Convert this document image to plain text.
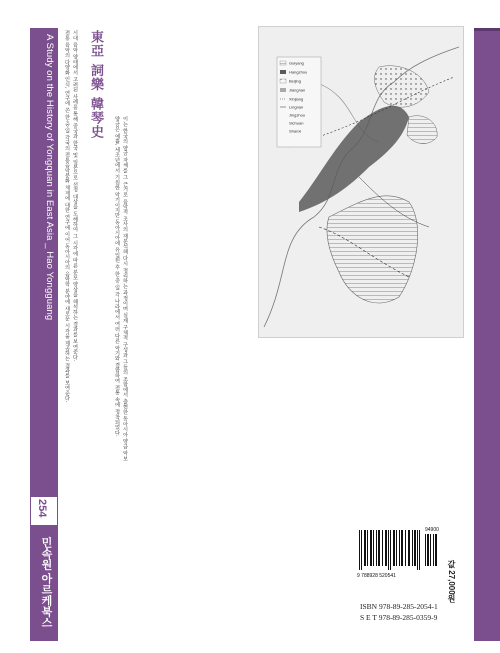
A Study on the History of Yongquan in East Asia _ Hao Yongguang
254
민속원 아르케북스
東亞 詞樂 韓琴史
전통 음악의 다양화 인식, 연구에 쓴 한·중·일 각국의 전통음악문화 체계에 대한 연구에 이어 동아시아의 음악학 분야에 새로운 시각을 제공하는 결과를 보여준다. 시대 음악 양태에서 고려된 사례를 통해 중국과 한국 및 일본으로 선정 대상을 도해하여 그 시각에 따른 분포 양상을 해석하는 결과를 보여준다.	양금은 예휼, 세조년에서 기원한 악기이지만 동아시아에 유입된 후 한·중·일 각 나라에서 여러 다른 악기와 결합하여 전통 속에 정착되었다. 이는 한국의 양금 자체를 그 근거로 음악적 조사의 재분석해 다시 정리하는 과정이며 실재 구체적 구성과 그들의 조합에서 출현한 동아시아 양금 악보
Guiyang
Hangzhou
Beijing
Jiangnan
Xinjiang
Lingnan
Jingzhou
Sichuan
Shanxi
94900
9 788928 520541	값 27,000원
ISBN 978-89-285-2054-1
S E T 978-89-285-0359-9
